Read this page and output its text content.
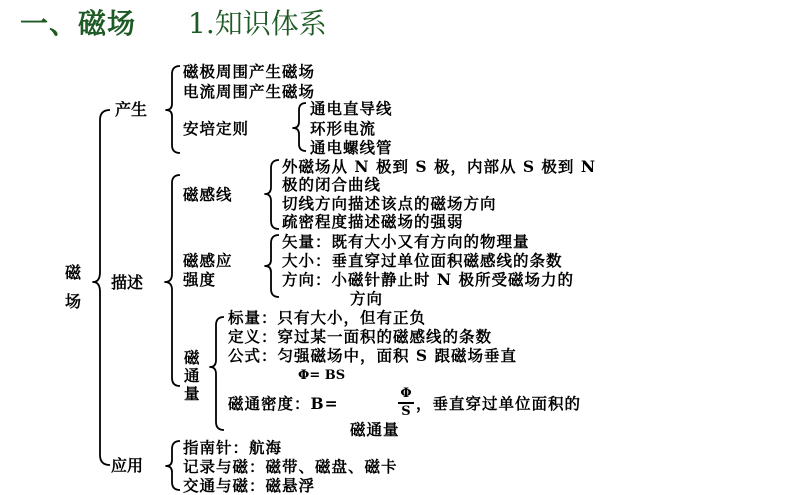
一、磁场 1.知识体系
磁
场
产生
磁极周围产生磁场
电流周围产生磁场
安培定则
通电直导线
环形电流
通电螺线管
描述
磁感线
外磁场从 N 极到 S 极，内部从 S 极到 N
极的闭合曲线
切线方向描述该点的磁场方向
疏密程度描述磁场的强弱
磁感应
强度
矢量：既有大小又有方向的物理量
大小：垂直穿过单位面积磁感线的条数
方向：小磁针静止时 N 极所受磁场力的
方向
磁
通
量
标量：只有大小，但有正负
定义：穿过某一面积的磁感线的条数
公式：匀强磁场中，面积 S 跟磁场垂直
Φ= BS
磁通密度：B=
Φ
S ，垂直穿过单位面积的
磁通量
应用
指南针：航海
记录与磁：磁带、磁盘、磁卡
交通与磁：磁悬浮
